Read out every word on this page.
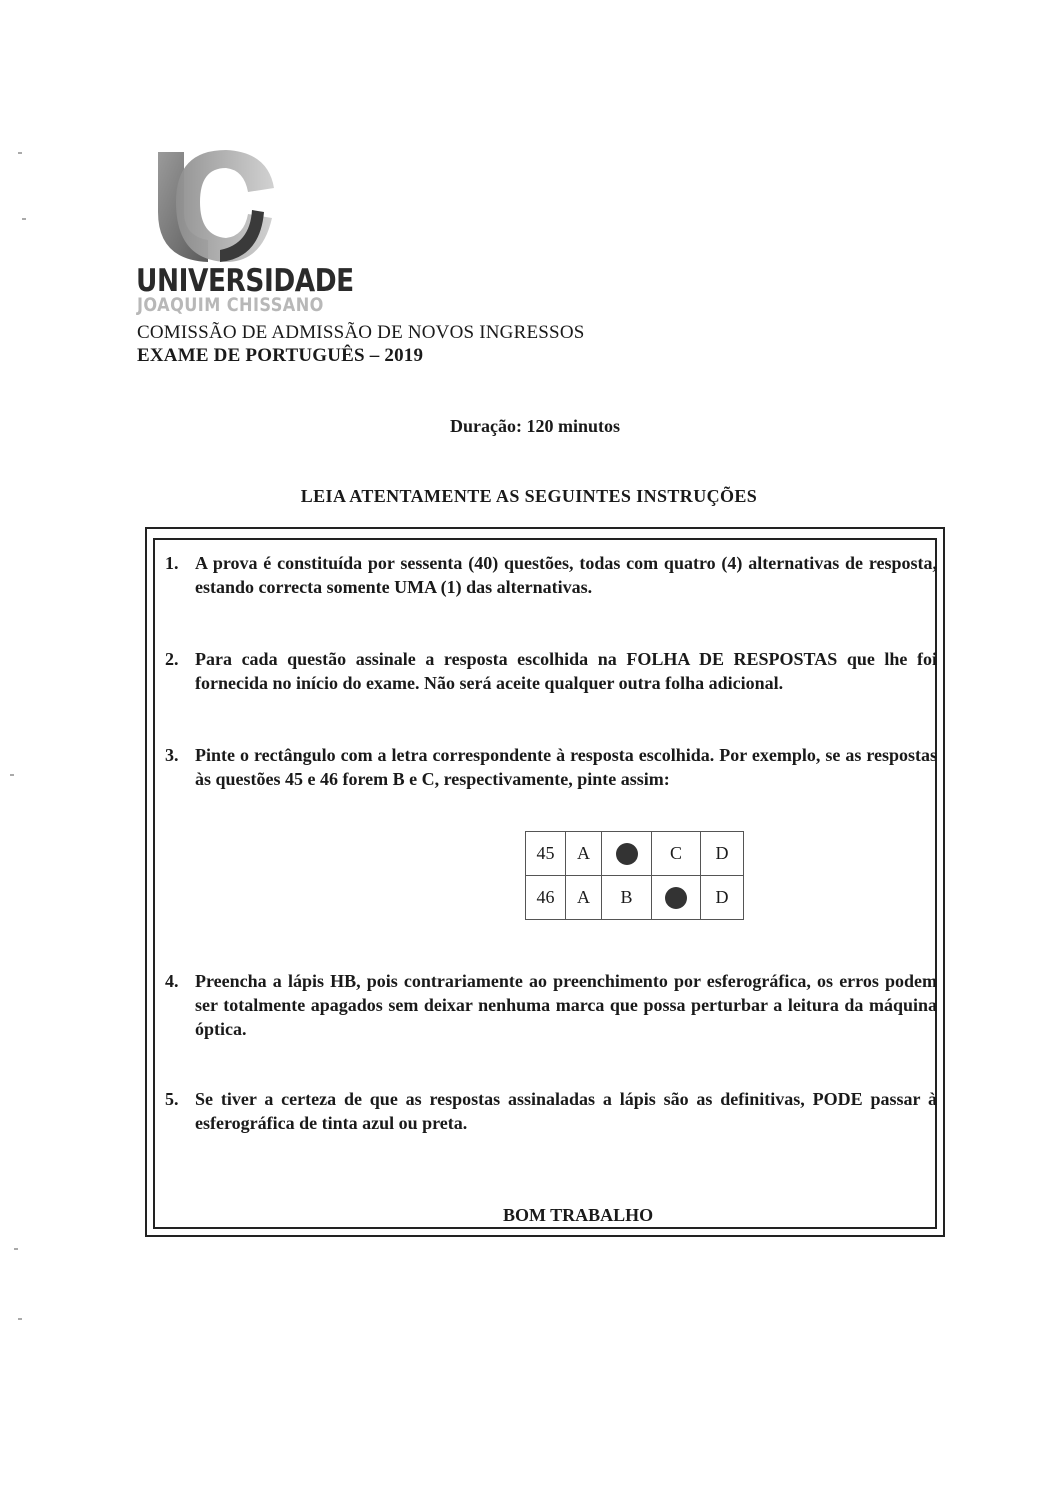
UNIVERSIDADE
JOAQUIM CHISSANO
COMISSÃO DE ADMISSÃO DE NOVOS INGRESSOS
EXAME DE PORTUGUÊS – 2019
Duração: 120 minutos
LEIA ATENTAMENTE AS SEGUINTES INSTRUÇÕES
1. A prova é constituída por sessenta (40) questões, todas com quatro (4) alternativas de resposta, estando correcta somente UMA (1) das alternativas.
2. Para cada questão assinale a resposta escolhida na FOLHA DE RESPOSTAS que lhe foi fornecida no início do exame. Não será aceite qualquer outra folha adicional.
3. Pinte o rectângulo com a letra correspondente à resposta escolhida. Por exemplo, se as respostas às questões 45 e 46 forem B e C, respectivamente, pinte assim:
45	A		C	D
46	A	B		D
4. Preencha a lápis HB, pois contrariamente ao preenchimento por esferográfica, os erros podem ser totalmente apagados sem deixar nenhuma marca que possa perturbar a leitura da máquina óptica.
5. Se tiver a certeza de que as respostas assinaladas a lápis são as definitivas, PODE passar à esferográfica de tinta azul ou preta.
BOM TRABALHO
